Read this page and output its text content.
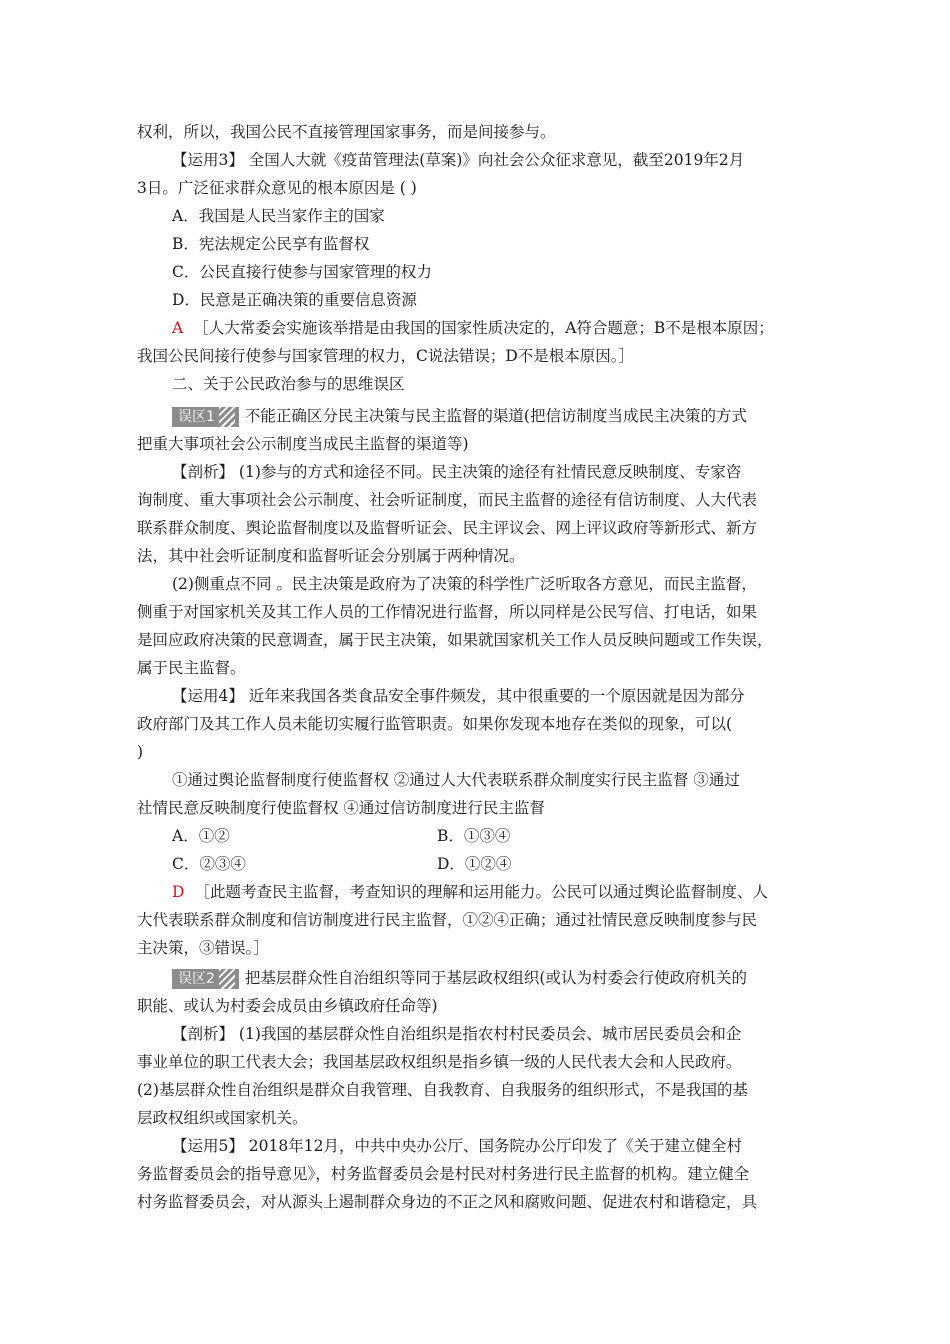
权利，所以，我国公民不直接管理国家事务，而是间接参与。
【运用3】 全国人大就《疫苗管理法(草案)》向社会公众征求意见，截至2019年2月
3日。广泛征求群众意见的根本原因是 ( )
A．我国是人民当家作主的国家
B．宪法规定公民享有监督权
C．公民直接行使参与国家管理的权力
D．民意是正确决策的重要信息资源
A ［人大常委会实施该举措是由我国的国家性质决定的，A符合题意；B不是根本原因；
我国公民间接行使参与国家管理的权力，C说法错误；D不是根本原因。］
二、关于公民政治参与的思维误区
误区1 不能正确区分民主决策与民主监督的渠道(把信访制度当成民主决策的方式
把重大事项社会公示制度当成民主监督的渠道等)
【剖析】 (1)参与的方式和途径不同。民主决策的途径有社情民意反映制度、专家咨
询制度、重大事项社会公示制度、社会听证制度，而民主监督的途径有信访制度、人大代表
联系群众制度、舆论监督制度以及监督听证会、民主评议会、网上评议政府等新形式、新方
法，其中社会听证制度和监督听证会分别属于两种情况。
(2)侧重点不同 。民主决策是政府为了决策的科学性广泛听取各方意见，而民主监督，
侧重于对国家机关及其工作人员的工作情况进行监督，所以同样是公民写信、打电话，如果
是回应政府决策的民意调查，属于民主决策，如果就国家机关工作人员反映问题或工作失误，
属于民主监督。
【运用4】 近年来我国各类食品安全事件频发，其中很重要的一个原因就是因为部分
政府部门及其工作人员未能切实履行监管职责。如果你发现本地存在类似的现象，可以(
)
①通过舆论监督制度行使监督权 ②通过人大代表联系群众制度实行民主监督 ③通过
社情民意反映制度行使监督权 ④通过信访制度进行民主监督
A．①②	B．①③④
C．②③④	D．①②④
D ［此题考查民主监督，考查知识的理解和运用能力。公民可以通过舆论监督制度、人
大代表联系群众制度和信访制度进行民主监督，①②④正确；通过社情民意反映制度参与民
主决策，③错误。］
误区2 把基层群众性自治组织等同于基层政权组织(或认为村委会行使政府机关的
职能、或认为村委会成员由乡镇政府任命等)
【剖析】 (1)我国的基层群众性自治组织是指农村村民委员会、城市居民委员会和企
事业单位的职工代表大会；我国基层政权组织是指乡镇一级的人民代表大会和人民政府。
(2)基层群众性自治组织是群众自我管理、自我教育、自我服务的组织形式，不是我国的基
层政权组织或国家机关。
【运用5】 2018年12月，中共中央办公厅、国务院办公厅印发了《关于建立健全村
务监督委员会的指导意见》，村务监督委员会是村民对村务进行民主监督的机构。建立健全
村务监督委员会，对从源头上遏制群众身边的不正之风和腐败问题、促进农村和谐稳定，具
